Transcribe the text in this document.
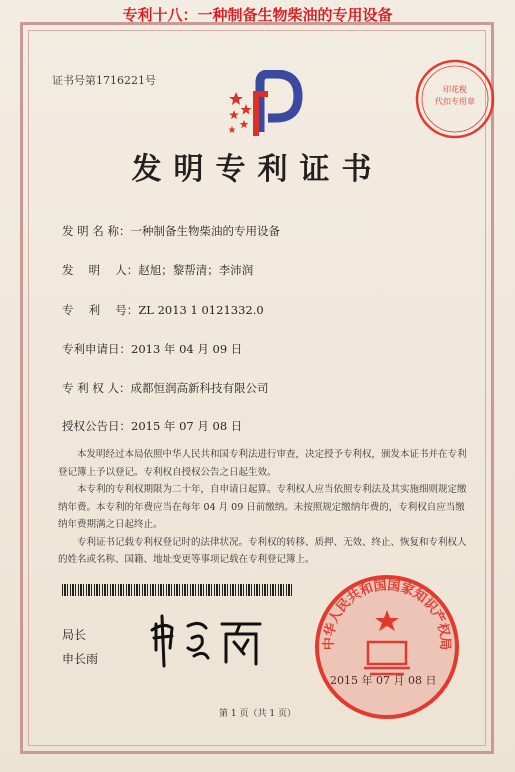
专利十八：一种制备生物柴油的专用设备
证书号第1716221号
印花税
代扣专用章
发明专利证书
发 明 名 称：一种制备生物柴油的专用设备
发　 明 　人：赵旭；黎帮清；李沛润
专　 利　 号：ZL 2013 1 0121332.0
专利申请日：2013 年 04 月 09 日
专 利 权 人：成都恒润高新科技有限公司
授权公告日：2015 年 07 月 08 日

本发明经过本局依照中华人民共和国专利法进行审查，决定授予专利权，颁发本证书并在专利登记簿上予以登记。专利权自授权公告之日起生效。

本专利的专利权期限为二十年，自申请日起算。专利权人应当依照专利法及其实施细则规定缴纳年费。本专利的年费应当在每年 04 月 09 日前缴纳。未按照规定缴纳年费的，专利权自应当缴纳年费期满之日起终止。

专利证书记载专利权登记时的法律状况。专利权的转移、质押、无效、终止、恢复和专利权人的姓名或名称、国籍、地址变更等事项记载在专利登记簿上。

局长
申长雨
中华人民共和国国家知识产权局
2015 年 07 月 08 日
第 1 页（共 1 页）
